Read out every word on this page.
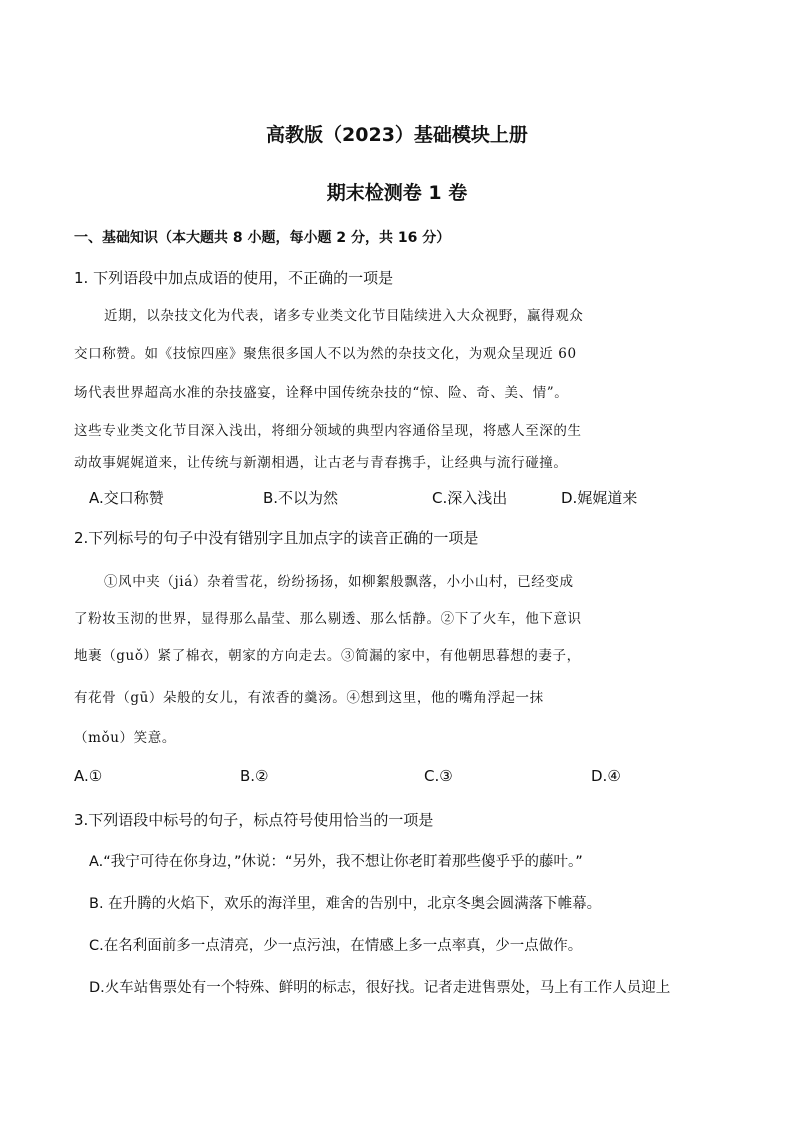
高教版（2023）基础模块上册
期末检测卷 1 卷
一、基础知识（本大题共 8 小题，每小题 2 分，共 16 分）
1. 下列语段中加点成语的使用，不正确的一项是
近期，以杂技文化为代表，诸多专业类文化节目陆续进入大众视野，赢得观众
交口称赞。如《技惊四座》聚焦很多国人不以为然的杂技文化，为观众呈现近 60
场代表世界超高水准的杂技盛宴，诠释中国传统杂技的“惊、险、奇、美、情”。
这些专业类文化节目深入浅出，将细分领域的典型内容通俗呈现，将感人至深的生
动故事娓娓道来，让传统与新潮相遇，让古老与青春携手，让经典与流行碰撞。
A.交口称赞	B.不以为然	C.深入浅出	D.娓娓道来
2.下列标号的句子中没有错别字且加点字的读音正确的一项是
①风中夹（jiá）杂着雪花，纷纷扬扬，如柳絮般飘落，小小山村，已经变成
了粉妆玉沏的世界，显得那么晶莹、那么剔透、那么恬静。②下了火车，他下意识
地裹（guǒ）紧了棉衣，朝家的方向走去。③简漏的家中，有他朝思暮想的妻子，
有花骨（gū）朵般的女儿，有浓香的羹汤。④想到这里，他的嘴角浮起一抹
（mǒu）笑意。
A.①	B.②	C.③	D.④
3.下列语段中标号的句子，标点符号使用恰当的一项是
A.“我宁可待在你身边，”休说：“另外，我不想让你老盯着那些傻乎乎的藤叶。”
B. 在升腾的火焰下，欢乐的海洋里，难舍的告别中，北京冬奥会圆满落下帷幕。
C.在名利面前多一点清亮，少一点污浊，在情感上多一点率真，少一点做作。
D.火车站售票处有一个特殊、鲜明的标志，很好找。记者走进售票处，马上有工作人员迎上
